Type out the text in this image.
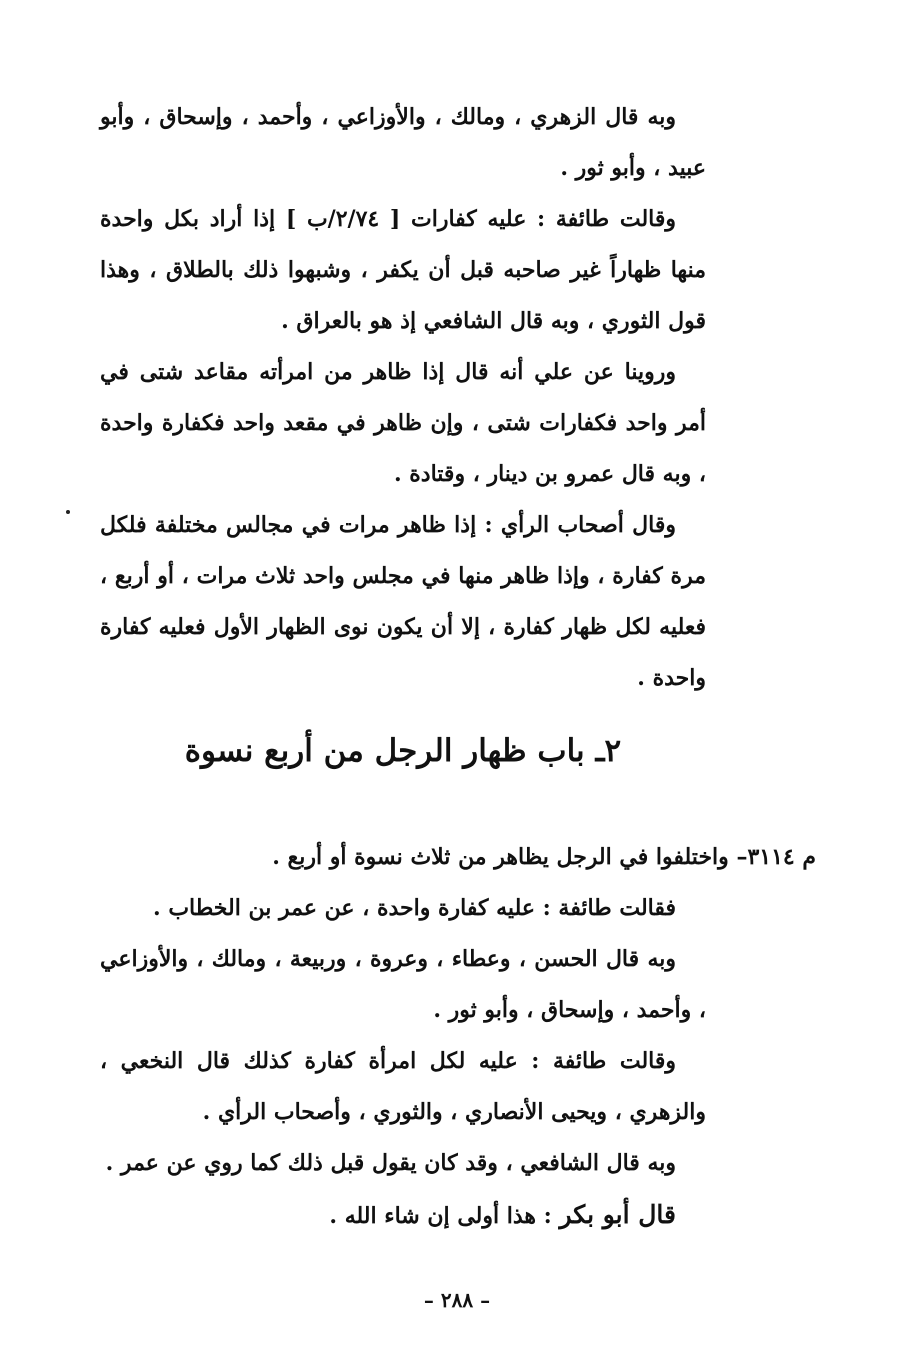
وبه قال الزهري ، ومالك ، والأوزاعي ، وأحمد ، وإسحاق ، وأبو عبيد ، وأبو ثور .

وقالت طائفة : عليه كفارات [ ٢/٧٤/ب ] إذا أراد بكل واحدة منها ظهاراً غير صاحبه قبل أن يكفر ، وشبهوا ذلك بالطلاق ، وهذا قول الثوري ، وبه قال الشافعي إذ هو بالعراق .

وروينا عن علي أنه قال إذا ظاهر من امرأته مقاعد شتى في أمر واحد فكفارات شتى ، وإن ظاهر في مقعد واحد فكفارة واحدة ، وبه قال عمرو بن دينار ، وقتادة .

وقال أصحاب الرأي : إذا ظاهر مرات في مجالس مختلفة فلكل مرة كفارة ، وإذا ظاهر منها في مجلس واحد ثلاث مرات ، أو أربع ، فعليه لكل ظهار كفارة ، إلا أن يكون نوى الظهار الأول فعليه كفارة واحدة .

٢ـ باب ظهار الرجل من أربع نسوة

م ٣١١٤– واختلفوا في الرجل يظاهر من ثلاث نسوة أو أربع .

فقالت طائفة : عليه كفارة واحدة ، عن عمر بن الخطاب .

وبه قال الحسن ، وعطاء ، وعروة ، وربيعة ، ومالك ، والأوزاعي ، وأحمد ، وإسحاق ، وأبو ثور .

وقالت طائفة : عليه لكل امرأة كفارة كذلك قال النخعي ، والزهري ، ويحيى الأنصاري ، والثوري ، وأصحاب الرأي .

وبه قال الشافعي ، وقد كان يقول قبل ذلك كما روي عن عمر .

قال أبو بكر : هذا أولى إن شاء الله .

– ٢٨٨ –
